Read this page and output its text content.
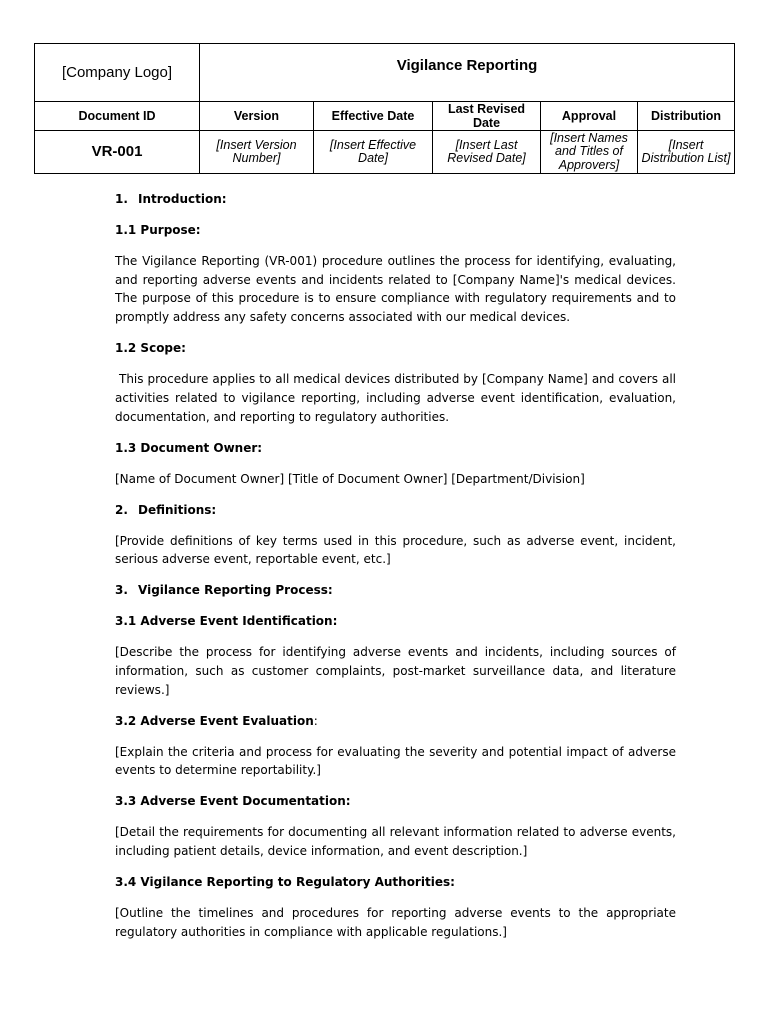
[Company Logo]	Vigilance Reporting				
Document ID	Version	Effective Date	Last Revised Date	Approval	Distribution
VR-001	[Insert Version Number]	[Insert Effective Date]	[Insert Last Revised Date]	[Insert Names and Titles of Approvers]	[Insert Distribution List]
1. Introduction:
1.1 Purpose:

The Vigilance Reporting (VR-001) procedure outlines the process for identifying, evaluating, and reporting adverse events and incidents related to [Company Name]'s medical devices. The purpose of this procedure is to ensure compliance with regulatory requirements and to promptly address any safety concerns associated with our medical devices.

1.2 Scope:

This procedure applies to all medical devices distributed by [Company Name] and covers all activities related to vigilance reporting, including adverse event identification, evaluation, documentation, and reporting to regulatory authorities.

1.3 Document Owner:

[Name of Document Owner] [Title of Document Owner] [Department/Division]

2. Definitions:

[Provide definitions of key terms used in this procedure, such as adverse event, incident, serious adverse event, reportable event, etc.]

3. Vigilance Reporting Process:
3.1 Adverse Event Identification:

[Describe the process for identifying adverse events and incidents, including sources of information, such as customer complaints, post-market surveillance data, and literature reviews.]

3.2 Adverse Event Evaluation:

[Explain the criteria and process for evaluating the severity and potential impact of adverse events to determine reportability.]

3.3 Adverse Event Documentation:

[Detail the requirements for documenting all relevant information related to adverse events, including patient details, device information, and event description.]

3.4 Vigilance Reporting to Regulatory Authorities:

[Outline the timelines and procedures for reporting adverse events to the appropriate regulatory authorities in compliance with applicable regulations.]
